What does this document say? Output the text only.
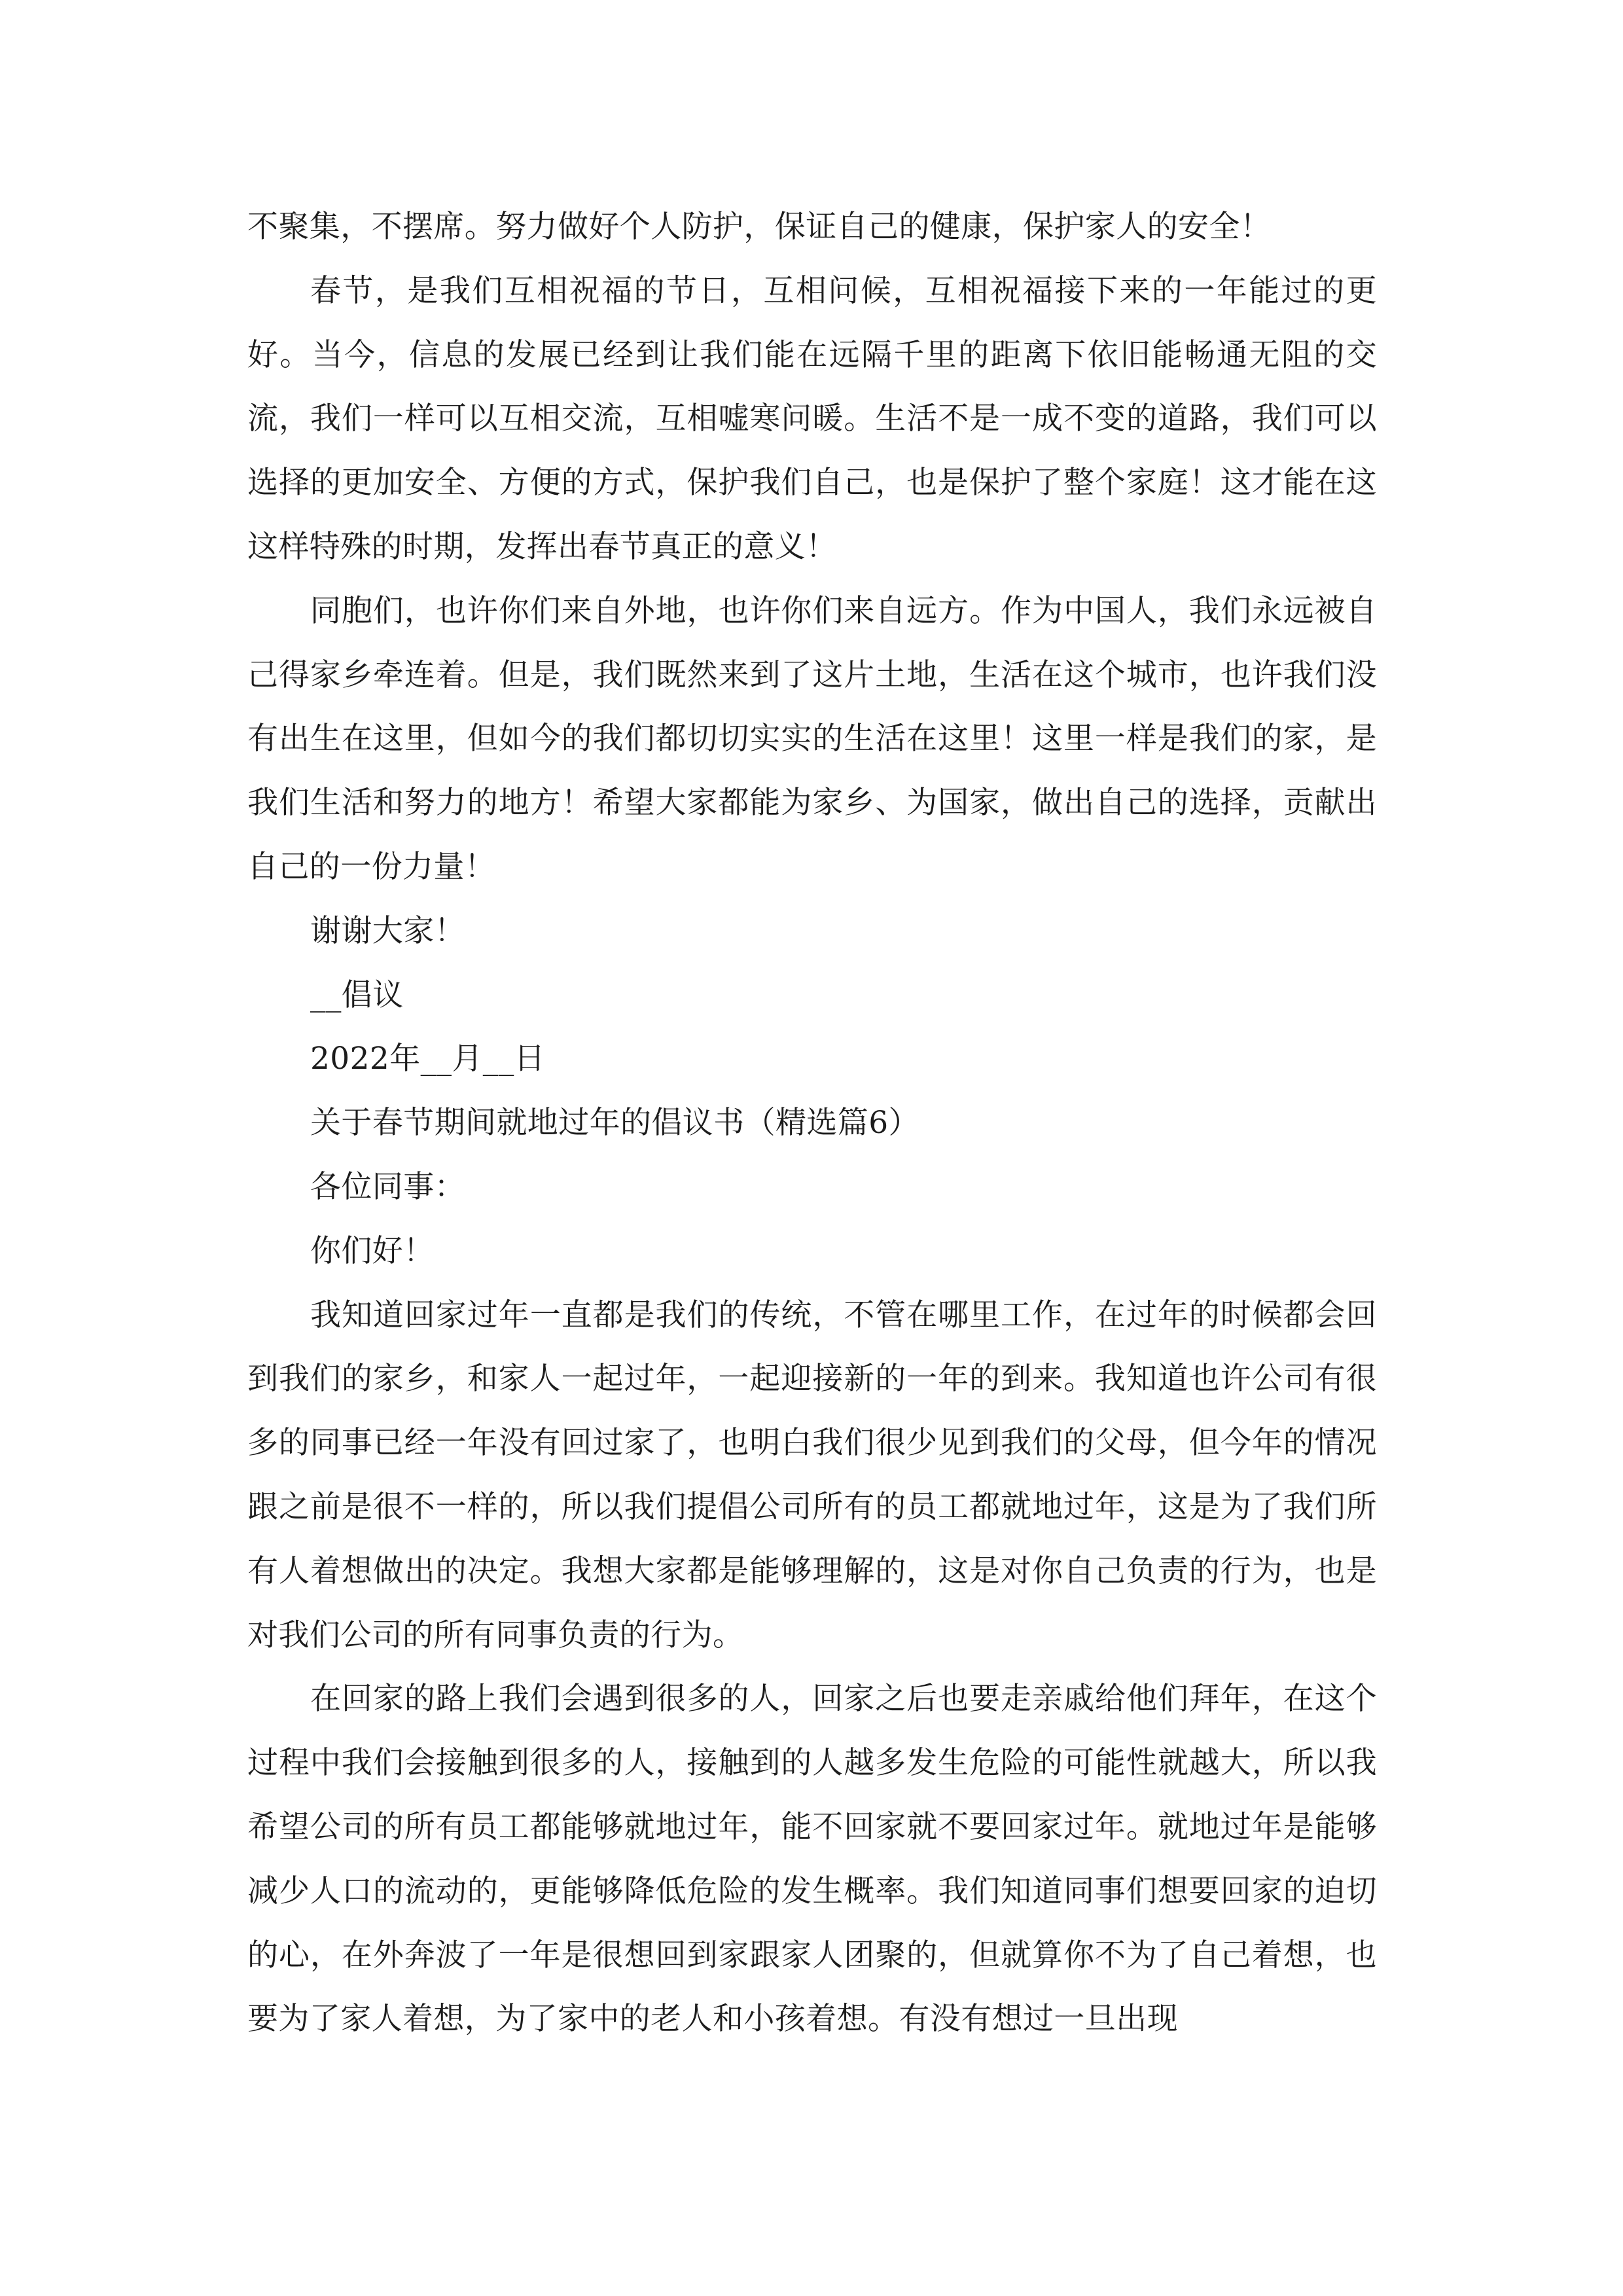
不聚集，不摆席。努力做好个人防护，保证自己的健康，保护家人的安全！

春节，是我们互相祝福的节日，互相问候，互相祝福接下来的一年能过的更好。当今，信息的发展已经到让我们能在远隔千里的距离下依旧能畅通无阻的交流，我们一样可以互相交流，互相嘘寒问暖。生活不是一成不变的道路，我们可以选择的更加安全、方便的方式，保护我们自己，也是保护了整个家庭！这才能在这这样特殊的时期，发挥出春节真正的意义！

同胞们，也许你们来自外地，也许你们来自远方。作为中国人，我们永远被自己得家乡牵连着。但是，我们既然来到了这片土地，生活在这个城市，也许我们没有出生在这里，但如今的我们都切切实实的生活在这里！这里一样是我们的家，是我们生活和努力的地方！希望大家都能为家乡、为国家，做出自己的选择，贡献出自己的一份力量！

谢谢大家！

__倡议

2022年__月__日

关于春节期间就地过年的倡议书（精选篇6）

各位同事：

你们好！

我知道回家过年一直都是我们的传统，不管在哪里工作，在过年的时候都会回到我们的家乡，和家人一起过年，一起迎接新的一年的到来。我知道也许公司有很多的同事已经一年没有回过家了，也明白我们很少见到我们的父母，但今年的情况跟之前是很不一样的，所以我们提倡公司所有的员工都就地过年，这是为了我们所有人着想做出的决定。我想大家都是能够理解的，这是对你自己负责的行为，也是对我们公司的所有同事负责的行为。

在回家的路上我们会遇到很多的人，回家之后也要走亲戚给他们拜年，在这个过程中我们会接触到很多的人，接触到的人越多发生危险的可能性就越大，所以我希望公司的所有员工都能够就地过年，能不回家就不要回家过年。就地过年是能够减少人口的流动的，更能够降低危险的发生概率。我们知道同事们想要回家的迫切的心，在外奔波了一年是很想回到家跟家人团聚的，但就算你不为了自己着想，也要为了家人着想，为了家中的老人和小孩着想。有没有想过一旦出现
